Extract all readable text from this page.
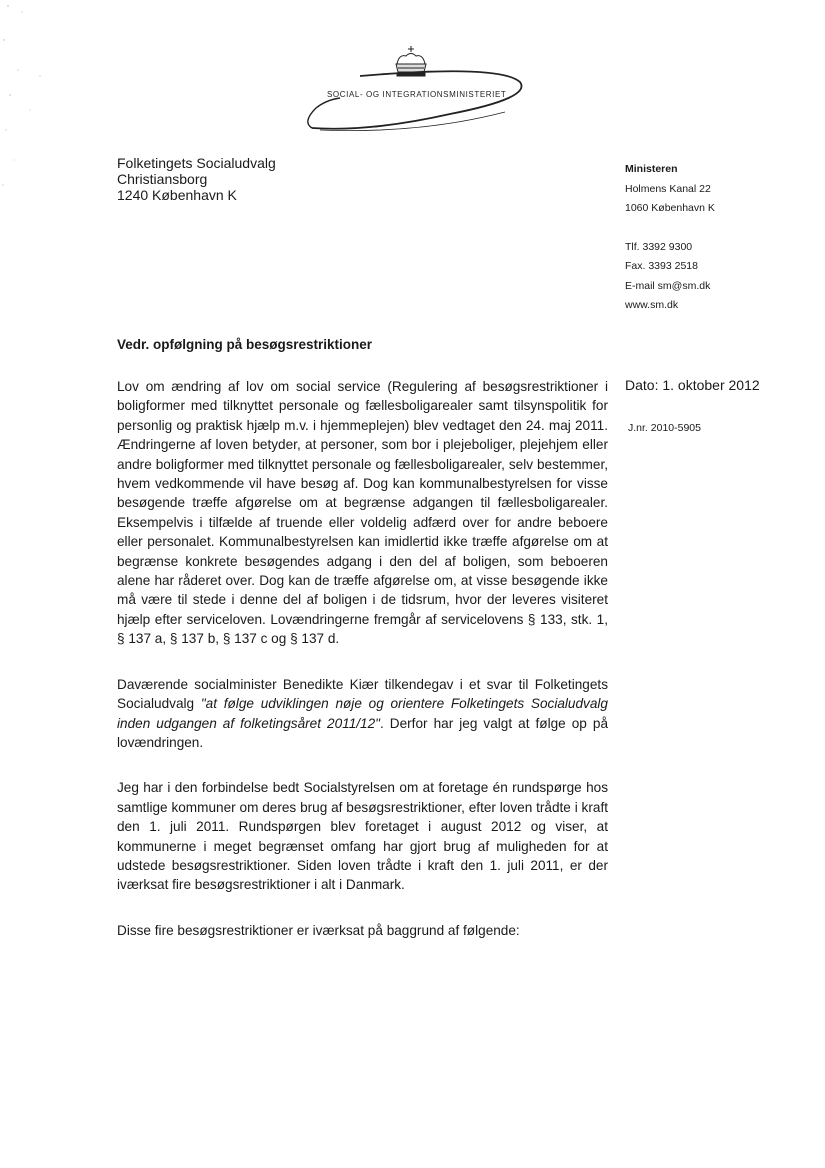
SOCIAL- OG INTEGRATIONSMINISTERIET
Folketingets Socialudvalg
Christiansborg
1240 København K
Ministeren
Holmens Kanal 22
1060 København K
Tlf. 3392 9300
Fax. 3393 2518
E-mail sm@sm.dk
www.sm.dk
Vedr. opfølgning på besøgsrestriktioner
Dato: 1. oktober 2012
J.nr. 2010-5905

Lov om ændring af lov om social service (Regulering af besøgsrestriktioner i boligformer med tilknyttet personale og fællesboligarealer samt tilsynspolitik for personlig og praktisk hjælp m.v. i hjemmeplejen) blev vedtaget den 24. maj 2011. Ændringerne af loven betyder, at personer, som bor i plejeboliger, plejehjem eller andre boligformer med tilknyttet personale og fællesboligarealer, selv bestemmer, hvem vedkommende vil have besøg af. Dog kan kommunalbestyrelsen for visse besøgende træffe afgørelse om at begrænse adgangen til fællesboligarealer. Eksempelvis i tilfælde af truende eller voldelig adfærd over for andre beboere eller personalet. Kommunalbestyrelsen kan imidlertid ikke træffe afgørelse om at begrænse konkrete besøgendes adgang i den del af boligen, som beboeren alene har råderet over. Dog kan de træffe afgørelse om, at visse besøgende ikke må være til stede i denne del af boligen i de tidsrum, hvor der leveres visiteret hjælp efter serviceloven. Lovændringerne fremgår af servicelovens § 133, stk. 1, § 137 a, § 137 b, § 137 c og § 137 d.

Daværende socialminister Benedikte Kiær tilkendegav i et svar til Folketingets Socialudvalg "at følge udviklingen nøje og orientere Folketingets Socialudvalg inden udgangen af folketingsåret 2011/12". Derfor har jeg valgt at følge op på lovændringen.

Jeg har i den forbindelse bedt Socialstyrelsen om at foretage én rundspørge hos samtlige kommuner om deres brug af besøgsrestriktioner, efter loven trådte i kraft den 1. juli 2011. Rundspørgen blev foretaget i august 2012 og viser, at kommunerne i meget begrænset omfang har gjort brug af muligheden for at udstede besøgsrestriktioner. Siden loven trådte i kraft den 1. juli 2011, er der iværksat fire besøgsrestriktioner i alt i Danmark.

Disse fire besøgsrestriktioner er iværksat på baggrund af følgende:
